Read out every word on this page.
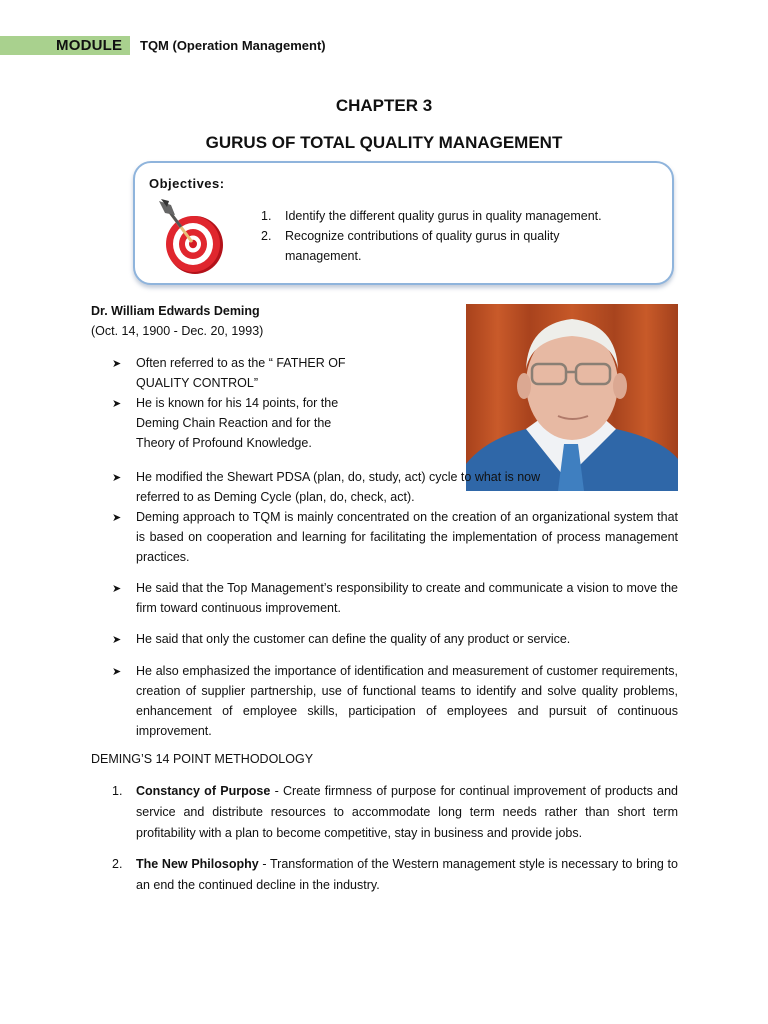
MODULE TQM (Operation Management)
CHAPTER 3
GURUS OF TOTAL QUALITY MANAGEMENT
Objectives:
1.	Identify the different quality gurus in quality management.
2.	Recognize contributions of quality gurus in quality management.
Dr. William Edwards Deming
(Oct. 14, 1900 - Dec. 20, 1993)
➤	Often referred to as the “ FATHER OF QUALITY CONTROL”
➤	He is known for his 14 points, for the Deming Chain Reaction and for the Theory of Profound Knowledge.
➤	He modified the Shewart PDSA (plan, do, study, act) cycle to what is now referred to as Deming Cycle (plan, do, check, act).
➤	Deming approach to TQM is mainly concentrated on the creation of an organizational system that is based on cooperation and learning for facilitating the implementation of process management practices.
➤	He said that the Top Management’s responsibility to create and communicate a vision to move the firm toward continuous improvement.
➤	He said that only the customer can define the quality of any product or service.
➤	He also emphasized the importance of identification and measurement of customer requirements, creation of supplier partnership, use of functional teams to identify and solve quality problems, enhancement of employee skills, participation of employees and pursuit of continuous improvement.
DEMING’S 14 POINT METHODOLOGY
1.	Constancy of Purpose - Create firmness of purpose for continual improvement of products and service and distribute resources to accommodate long term needs rather than short term profitability with a plan to become competitive, stay in business and provide jobs.
2.	The New Philosophy - Transformation of the Western management style is necessary to bring to an end the continued decline in the industry.
